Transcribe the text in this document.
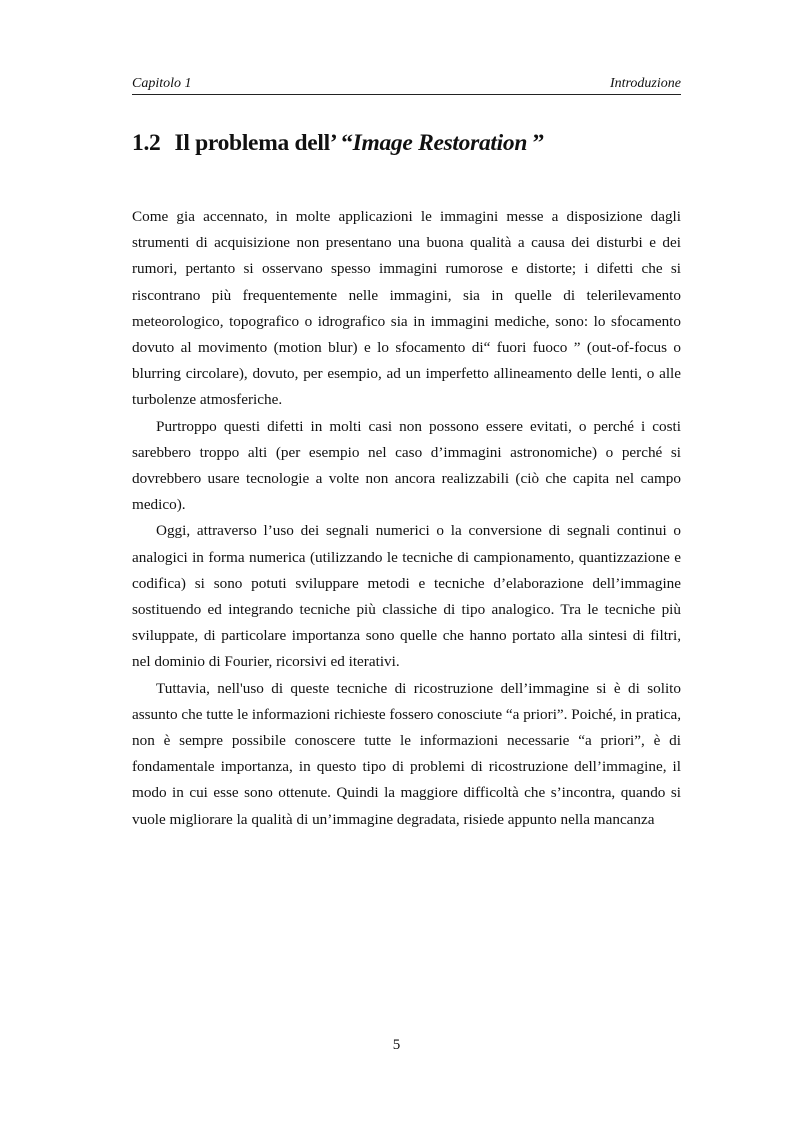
Capitolo 1	Introduzione
1.2 Il problema dell’ “Image Restoration ”

Come gia accennato, in molte applicazioni le immagini messe a disposizione dagli strumenti di acquisizione non presentano una buona qualità a causa dei disturbi e dei rumori, pertanto si osservano spesso immagini rumorose e distorte; i difetti che si riscontrano più frequentemente nelle immagini, sia in quelle di telerilevamento meteorologico, topografico o idrografico sia in immagini mediche, sono: lo sfocamento dovuto al movimento (motion blur) e lo sfocamento di“ fuori fuoco ” (out-of-focus o blurring circolare), dovuto, per esempio, ad un imperfetto allineamento delle lenti, o alle turbolenze atmosferiche.

Purtroppo questi difetti in molti casi non possono essere evitati, o perché i costi sarebbero troppo alti (per esempio nel caso d’immagini astronomiche) o perché si dovrebbero usare tecnologie a volte non ancora realizzabili (ciò che capita nel campo medico).

Oggi, attraverso l’uso dei segnali numerici o la conversione di segnali continui o analogici in forma numerica (utilizzando le tecniche di campionamento, quantizzazione e codifica) si sono potuti sviluppare metodi e tecniche d’elaborazione dell’immagine sostituendo ed integrando tecniche più classiche di tipo analogico. Tra le tecniche più sviluppate, di particolare importanza sono quelle che hanno portato alla sintesi di filtri, nel dominio di Fourier, ricorsivi ed iterativi.

Tuttavia, nell'uso di queste tecniche di ricostruzione dell’immagine si è di solito assunto che tutte le informazioni richieste fossero conosciute “a priori”. Poiché, in pratica, non è sempre possibile conoscere tutte le informazioni necessarie “a priori”, è di fondamentale importanza, in questo tipo di problemi di ricostruzione dell’immagine, il modo in cui esse sono ottenute. Quindi la maggiore difficoltà che s’incontra, quando si vuole migliorare la qualità di un’immagine degradata, risiede appunto nella mancanza

5
